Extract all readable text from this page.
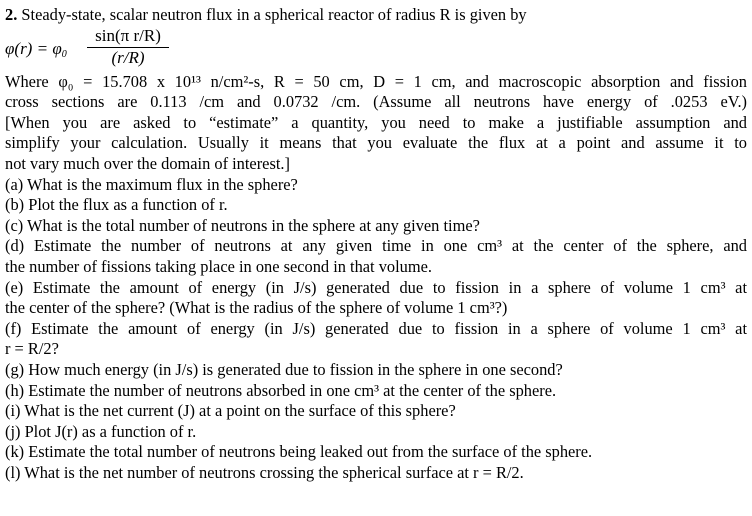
2. Steady-state, scalar neutron flux in a spherical reactor of radius R is given by
$\varphi(r) = \varphi_0$
sin(π r/R)
(r/R)
Where φ₀ = 15.708 x 10¹³ n/cm²-s, R = 50 cm, D = 1 cm, and macroscopic absorption and fission
cross sections are 0.113 /cm and 0.0732 /cm. (Assume all neutrons have energy of .0253 eV.)
[When you are asked to “estimate” a quantity, you need to make a justifiable assumption and
simplify your calculation. Usually it means that you evaluate the flux at a point and assume it to
not vary much over the domain of interest.]
(a) What is the maximum flux in the sphere?
(b) Plot the flux as a function of r.
(c) What is the total number of neutrons in the sphere at any given time?
(d) Estimate the number of neutrons at any given time in one cm³ at the center of the sphere, and
the number of fissions taking place in one second in that volume.
(e) Estimate the amount of energy (in J/s) generated due to fission in a sphere of volume 1 cm³ at
the center of the sphere? (What is the radius of the sphere of volume 1 cm³?)
(f) Estimate the amount of energy (in J/s) generated due to fission in a sphere of volume 1 cm³ at
r = R/2?
(g) How much energy (in J/s) is generated due to fission in the sphere in one second?
(h) Estimate the number of neutrons absorbed in one cm³ at the center of the sphere.
(i) What is the net current (J) at a point on the surface of this sphere?
(j) Plot J(r) as a function of r.
(k) Estimate the total number of neutrons being leaked out from the surface of the sphere.
(l) What is the net number of neutrons crossing the spherical surface at r = R/2.
